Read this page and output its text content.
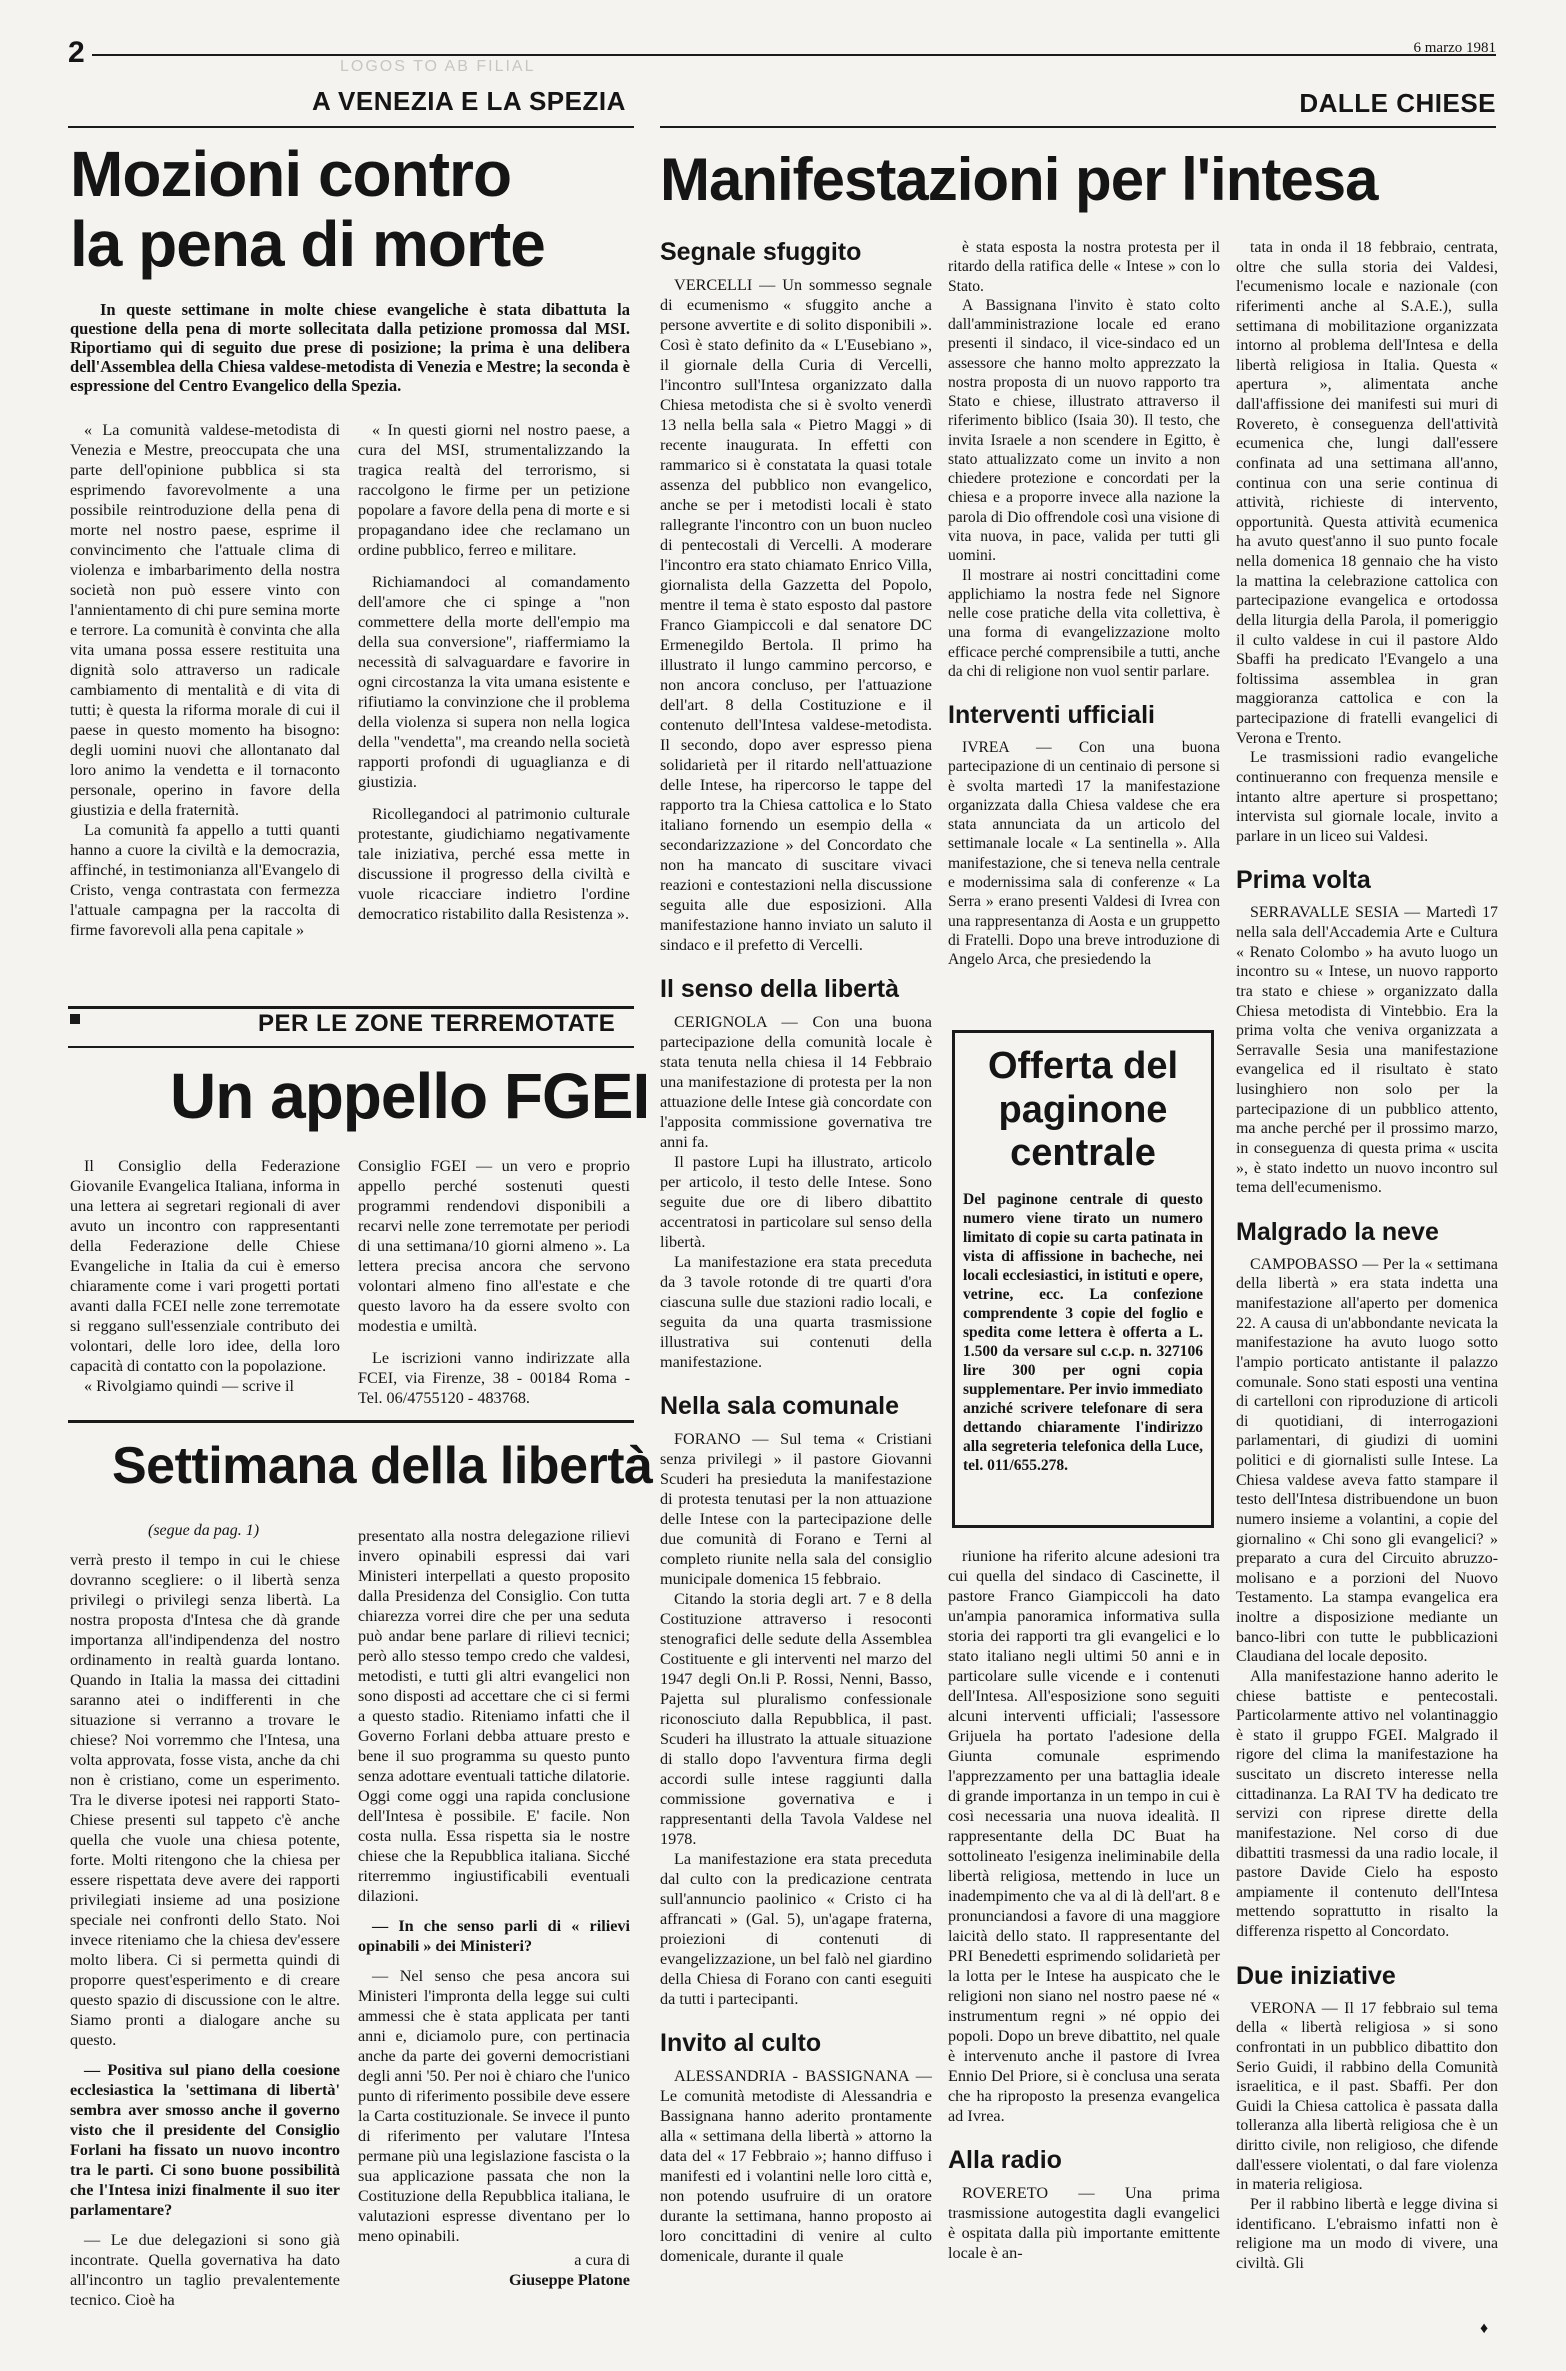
2	LOGOS TO AB FILIAL
6 marzo 1981
A VENEZIA E LA SPEZIA	DALLE CHIESE
Mozioni contro
la pena di morte
In queste settimane in molte chiese evangeliche è stata dibattuta la questione della pena di morte sollecitata dalla petizione promossa dal MSI. Riportiamo qui di seguito due prese di posizione; la prima è una delibera dell'Assemblea della Chiesa valdese-metodista di Venezia e Mestre; la seconda è espressione del Centro Evangelico della Spezia.

« La comunità valdese-metodista di Venezia e Mestre, preoccupata che una parte dell'opinione pubblica si sta esprimendo favorevolmente a una possibile reintroduzione della pena di morte nel nostro paese, esprime il convincimento che l'attuale clima di violenza e imbarbarimento della nostra società non può essere vinto con l'annientamento di chi pure semina morte e terrore. La comunità è convinta che alla vita umana possa essere restituita una dignità solo attraverso un radicale cambiamento di mentalità e di vita di tutti; è questa la riforma morale di cui il paese in questo momento ha bisogno: degli uomini nuovi che allontanato dal loro animo la vendetta e il tornaconto personale, operino in favore della giustizia e della fraternità.

La comunità fa appello a tutti quanti hanno a cuore la civiltà e la democrazia, affinché, in testimonianza all'Evangelo di Cristo, venga contrastata con fermezza l'attuale campagna per la raccolta di firme favorevoli alla pena capitale »

« In questi giorni nel nostro paese, a cura del MSI, strumentalizzando la tragica realtà del terrorismo, si raccolgono le firme per un petizione popolare a favore della pena di morte e si propagandano idee che reclamano un ordine pubblico, ferreo e militare.

Richiamandoci al comandamento dell'amore che ci spinge a "non commettere della morte dell'empio ma della sua conversione", riaffermiamo la necessità di salvaguardare e favorire in ogni circostanza la vita umana esistente e rifiutiamo la convinzione che il problema della violenza si supera non nella logica della "vendetta", ma creando nella società rapporti profondi di uguaglianza e di giustizia.

Ricollegandoci al patrimonio culturale protestante, giudichiamo negativamente tale iniziativa, perché essa mette in discussione il progresso della civiltà e vuole ricacciare indietro l'ordine democratico ristabilito dalla Resistenza ».

PER LE ZONE TERREMOTATE
Un appello FGEI

Il Consiglio della Federazione Giovanile Evangelica Italiana, informa in una lettera ai segretari regionali di aver avuto un incontro con rappresentanti della Federazione delle Chiese Evangeliche in Italia da cui è emerso chiaramente come i vari progetti portati avanti dalla FCEI nelle zone terremotate si reggano sull'essenziale contributo dei volontari, delle loro idee, della loro capacità di contatto con la popolazione.

« Rivolgiamo quindi — scrive il

Consiglio FGEI — un vero e proprio appello perché sostenuti questi programmi rendendovi disponibili a recarvi nelle zone terremotate per periodi di una settimana/10 giorni almeno ». La lettera precisa ancora che servono volontari almeno fino all'estate e che questo lavoro ha da essere svolto con modestia e umiltà.

Le iscrizioni vanno indirizzate alla FCEI, via Firenze, 38 - 00184 Roma - Tel. 06/4755120 - 483768.

Settimana della libertà
(segue da pag. 1)

verrà presto il tempo in cui le chiese dovranno scegliere: o il libertà senza privilegi o privilegi senza libertà. La nostra proposta d'Intesa che dà grande importanza all'indipendenza del nostro ordinamento in realtà guarda lontano. Quando in Italia la massa dei cittadini saranno atei o indifferenti in che situazione si verranno a trovare le chiese? Noi vorremmo che l'Intesa, una volta approvata, fosse vista, anche da chi non è cristiano, come un esperimento. Tra le diverse ipotesi nei rapporti Stato-Chiese presenti sul tappeto c'è anche quella che vuole una chiesa potente, forte. Molti ritengono che la chiesa per essere rispettata deve avere dei rapporti privilegiati insieme ad una posizione speciale nei confronti dello Stato. Noi invece riteniamo che la chiesa dev'essere molto libera. Ci si permetta quindi di proporre quest'esperimento e di creare questo spazio di discussione con le altre. Siamo pronti a dialogare anche su questo.

— Positiva sul piano della coesione ecclesiastica la 'settimana di libertà' sembra aver smosso anche il governo visto che il presidente del Consiglio Forlani ha fissato un nuovo incontro tra le parti. Ci sono buone possibilità che l'Intesa inizi finalmente il suo iter parlamentare?

— Le due delegazioni si sono già incontrate. Quella governativa ha dato all'incontro un taglio prevalentemente tecnico. Cioè ha

presentato alla nostra delegazione rilievi invero opinabili espressi dai vari Ministeri interpellati a questo proposito dalla Presidenza del Consiglio. Con tutta chiarezza vorrei dire che per una seduta può andar bene parlare di rilievi tecnici; però allo stesso tempo credo che valdesi, metodisti, e tutti gli altri evangelici non sono disposti ad accettare che ci si fermi a questo stadio. Riteniamo infatti che il Governo Forlani debba attuare presto e bene il suo programma su questo punto senza adottare eventuali tattiche dilatorie. Oggi come oggi una rapida conclusione dell'Intesa è possibile. E' facile. Non costa nulla. Essa rispetta sia le nostre chiese che la Repubblica italiana. Sicché riterremmo ingiustificabili eventuali dilazioni.

— In che senso parli di « rilievi opinabili » dei Ministeri?

— Nel senso che pesa ancora sui Ministeri l'impronta della legge sui culti ammessi che è stata applicata per tanti anni e, diciamolo pure, con pertinacia anche da parte dei governi democristiani degli anni '50. Per noi è chiaro che l'unico punto di riferimento possibile deve essere la Carta costituzionale. Se invece il punto di riferimento per valutare l'Intesa permane più una legislazione fascista o la sua applicazione passata che non la Costituzione della Repubblica italiana, le valutazioni espresse diventano per lo meno opinabili.

a cura di

Giuseppe Platone

Manifestazioni per l'intesa
Segnale sfuggito

VERCELLI — Un sommesso segnale di ecumenismo « sfuggito anche a persone avvertite e di solito disponibili ». Così è stato definito da « L'Eusebiano », il giornale della Curia di Vercelli, l'incontro sull'Intesa organizzato dalla Chiesa metodista che si è svolto venerdì 13 nella bella sala « Pietro Maggi » di recente inaugurata. In effetti con rammarico si è constatata la quasi totale assenza del pubblico non evangelico, anche se per i metodisti locali è stato rallegrante l'incontro con un buon nucleo di pentecostali di Vercelli. A moderare l'incontro era stato chiamato Enrico Villa, giornalista della Gazzetta del Popolo, mentre il tema è stato esposto dal pastore Franco Giampiccoli e dal senatore DC Ermenegildo Bertola. Il primo ha illustrato il lungo cammino percorso, e non ancora concluso, per l'attuazione dell'art. 8 della Costituzione e il contenuto dell'Intesa valdese-metodista. Il secondo, dopo aver espresso piena solidarietà per il ritardo nell'attuazione delle Intese, ha ripercorso le tappe del rapporto tra la Chiesa cattolica e lo Stato italiano fornendo un esempio della « secondarizzazione » del Concordato che non ha mancato di suscitare vivaci reazioni e contestazioni nella discussione seguita alle due esposizioni. Alla manifestazione hanno inviato un saluto il sindaco e il prefetto di Vercelli.

Il senso della libertà

CERIGNOLA — Con una buona partecipazione della comunità locale è stata tenuta nella chiesa il 14 Febbraio una manifestazione di protesta per la non attuazione delle Intese già concordate con l'apposita commissione governativa tre anni fa.

Il pastore Lupi ha illustrato, articolo per articolo, il testo delle Intese. Sono seguite due ore di libero dibattito accentratosi in particolare sul senso della libertà.

La manifestazione era stata preceduta da 3 tavole rotonde di tre quarti d'ora ciascuna sulle due stazioni radio locali, e seguita da una quarta trasmissione illustrativa sui contenuti della manifestazione.

Nella sala comunale

FORANO — Sul tema « Cristiani senza privilegi » il pastore Giovanni Scuderi ha presieduta la manifestazione di protesta tenutasi per la non attuazione delle Intese con la partecipazione delle due comunità di Forano e Terni al completo riunite nella sala del consiglio municipale domenica 15 febbraio.

Citando la storia degli art. 7 e 8 della Costituzione attraverso i resoconti stenografici delle sedute della Assemblea Costituente e gli interventi nel marzo del 1947 degli On.li P. Rossi, Nenni, Basso, Pajetta sul pluralismo confessionale riconosciuto dalla Repubblica, il past. Scuderi ha illustrato la attuale situazione di stallo dopo l'avventura firma degli accordi sulle intese raggiunti dalla commissione governativa e i rappresentanti della Tavola Valdese nel 1978.

La manifestazione era stata preceduta dal culto con la predicazione centrata sull'annuncio paolinico « Cristo ci ha affrancati » (Gal. 5), un'agape fraterna, proiezioni di contenuti di evangelizzazione, un bel falò nel giardino della Chiesa di Forano con canti eseguiti da tutti i partecipanti.

Invito al culto

ALESSANDRIA - BASSIGNANA — Le comunità metodiste di Alessandria e Bassignana hanno aderito prontamente alla « settimana della libertà » attorno la data del « 17 Febbraio »; hanno diffuso i manifesti ed i volantini nelle loro città e, non potendo usufruire di un oratore durante la settimana, hanno proposto ai loro concittadini di venire al culto domenicale, durante il quale

è stata esposta la nostra protesta per il ritardo della ratifica delle « Intese » con lo Stato.

A Bassignana l'invito è stato colto dall'amministrazione locale ed erano presenti il sindaco, il vice-sindaco ed un assessore che hanno molto apprezzato la nostra proposta di un nuovo rapporto tra Stato e chiese, illustrato attraverso il riferimento biblico (Isaia 30). Il testo, che invita Israele a non scendere in Egitto, è stato attualizzato come un invito a non chiedere protezione e concordati per la chiesa e a proporre invece alla nazione la parola di Dio offrendole così una visione di vita nuova, in pace, valida per tutti gli uomini.

Il mostrare ai nostri concittadini come applichiamo la nostra fede nel Signore nelle cose pratiche della vita collettiva, è una forma di evangelizzazione molto efficace perché comprensibile a tutti, anche da chi di religione non vuol sentir parlare.

Interventi ufficiali

IVREA — Con una buona partecipazione di un centinaio di persone si è svolta martedì 17 la manifestazione organizzata dalla Chiesa valdese che era stata annunciata da un articolo del settimanale locale « La sentinella ». Alla manifestazione, che si teneva nella centrale e modernissima sala di conferenze « La Serra » erano presenti Valdesi di Ivrea con una rappresentanza di Aosta e un gruppetto di Fratelli. Dopo una breve introduzione di Angelo Arca, che presiedendo la

Offerta del paginone centrale
Del paginone centrale di questo numero viene tirato un numero limitato di copie su carta patinata in vista di affissione in bacheche, nei locali ecclesiastici, in istituti e opere, vetrine, ecc. La confezione comprendente 3 copie del foglio e spedita come lettera è offerta a L. 1.500 da versare sul c.c.p. n. 327106 lire 300 per ogni copia supplementare. Per invio immediato anziché scrivere telefonare di sera dettando chiaramente l'indirizzo alla segreteria telefonica della Luce, tel. 011/655.278.

riunione ha riferito alcune adesioni tra cui quella del sindaco di Cascinette, il pastore Franco Giampiccoli ha dato un'ampia panoramica informativa sulla storia dei rapporti tra gli evangelici e lo stato italiano negli ultimi 50 anni e in particolare sulle vicende e i contenuti dell'Intesa. All'esposizione sono seguiti alcuni interventi ufficiali; l'assessore Grijuela ha portato l'adesione della Giunta comunale esprimendo l'apprezzamento per una battaglia ideale di grande importanza in un tempo in cui è così necessaria una nuova idealità. Il rappresentante della DC Buat ha sottolineato l'esigenza ineliminabile della libertà religiosa, mettendo in luce un inadempimento che va al di là dell'art. 8 e pronunciandosi a favore di una maggiore laicità dello stato. Il rappresentante del PRI Benedetti esprimendo solidarietà per la lotta per le Intese ha auspicato che le religioni non siano nel nostro paese né « instrumentum regni » né oppio dei popoli. Dopo un breve dibattito, nel quale è intervenuto anche il pastore di Ivrea Ennio Del Priore, si è conclusa una serata che ha riproposto la presenza evangelica ad Ivrea.

Alla radio

ROVERETO — Una prima trasmissione autogestita dagli evangelici è ospitata dalla più importante emittente locale è an-

tata in onda il 18 febbraio, centrata, oltre che sulla storia dei Valdesi, l'ecumenismo locale e nazionale (con riferimenti anche al S.A.E.), sulla settimana di mobilitazione organizzata intorno al problema dell'Intesa e della libertà religiosa in Italia. Questa « apertura », alimentata anche dall'affissione dei manifesti sui muri di Rovereto, è conseguenza dell'attività ecumenica che, lungi dall'essere confinata ad una settimana all'anno, continua con una serie continua di attività, richieste di intervento, opportunità. Questa attività ecumenica ha avuto quest'anno il suo punto focale nella domenica 18 gennaio che ha visto la mattina la celebrazione cattolica con partecipazione evangelica e ortodossa della liturgia della Parola, il pomeriggio il culto valdese in cui il pastore Aldo Sbaffi ha predicato l'Evangelo a una foltissima assemblea in gran maggioranza cattolica e con la partecipazione di fratelli evangelici di Verona e Trento.

Le trasmissioni radio evangeliche continueranno con frequenza mensile e intanto altre aperture si prospettano; intervista sul giornale locale, invito a parlare in un liceo sui Valdesi.

Prima volta

SERRAVALLE SESIA — Martedì 17 nella sala dell'Accademia Arte e Cultura « Renato Colombo » ha avuto luogo un incontro su « Intese, un nuovo rapporto tra stato e chiese » organizzato dalla Chiesa metodista di Vintebbio. Era la prima volta che veniva organizzata a Serravalle Sesia una manifestazione evangelica ed il risultato è stato lusinghiero non solo per la partecipazione di un pubblico attento, ma anche perché per il prossimo marzo, in conseguenza di questa prima « uscita », è stato indetto un nuovo incontro sul tema dell'ecumenismo.

Malgrado la neve

CAMPOBASSO — Per la « settimana della libertà » era stata indetta una manifestazione all'aperto per domenica 22. A causa di un'abbondante nevicata la manifestazione ha avuto luogo sotto l'ampio porticato antistante il palazzo comunale. Sono stati esposti una ventina di cartelloni con riproduzione di articoli di quotidiani, di interrogazioni parlamentari, di giudizi di uomini politici e di giornalisti sulle Intese. La Chiesa valdese aveva fatto stampare il testo dell'Intesa distribuendone un buon numero insieme a volantini, a copie del giornalino « Chi sono gli evangelici? » preparato a cura del Circuito abruzzo-molisano e a porzioni del Nuovo Testamento. La stampa evangelica era inoltre a disposizione mediante un banco-libri con tutte le pubblicazioni Claudiana del locale deposito.

Alla manifestazione hanno aderito le chiese battiste e pentecostali. Particolarmente attivo nel volantinaggio è stato il gruppo FGEI. Malgrado il rigore del clima la manifestazione ha suscitato un discreto interesse nella cittadinanza. La RAI TV ha dedicato tre servizi con riprese dirette della manifestazione. Nel corso di due dibattiti trasmessi da una radio locale, il pastore Davide Cielo ha esposto ampiamente il contenuto dell'Intesa mettendo soprattutto in risalto la differenza rispetto al Concordato.

Due iniziative

VERONA — Il 17 febbraio sul tema della « libertà religiosa » si sono confrontati in un pubblico dibattito don Serio Guidi, il rabbino della Comunità israelitica, e il past. Sbaffi. Per don Guidi la Chiesa cattolica è passata dalla tolleranza alla libertà religiosa che è un diritto civile, non religioso, che difende dall'essere violentati, o dal fare violenza in materia religiosa.

Per il rabbino libertà e legge divina si identificano. L'ebraismo infatti non è religione ma un modo di vivere, una civiltà. Gli

♦
